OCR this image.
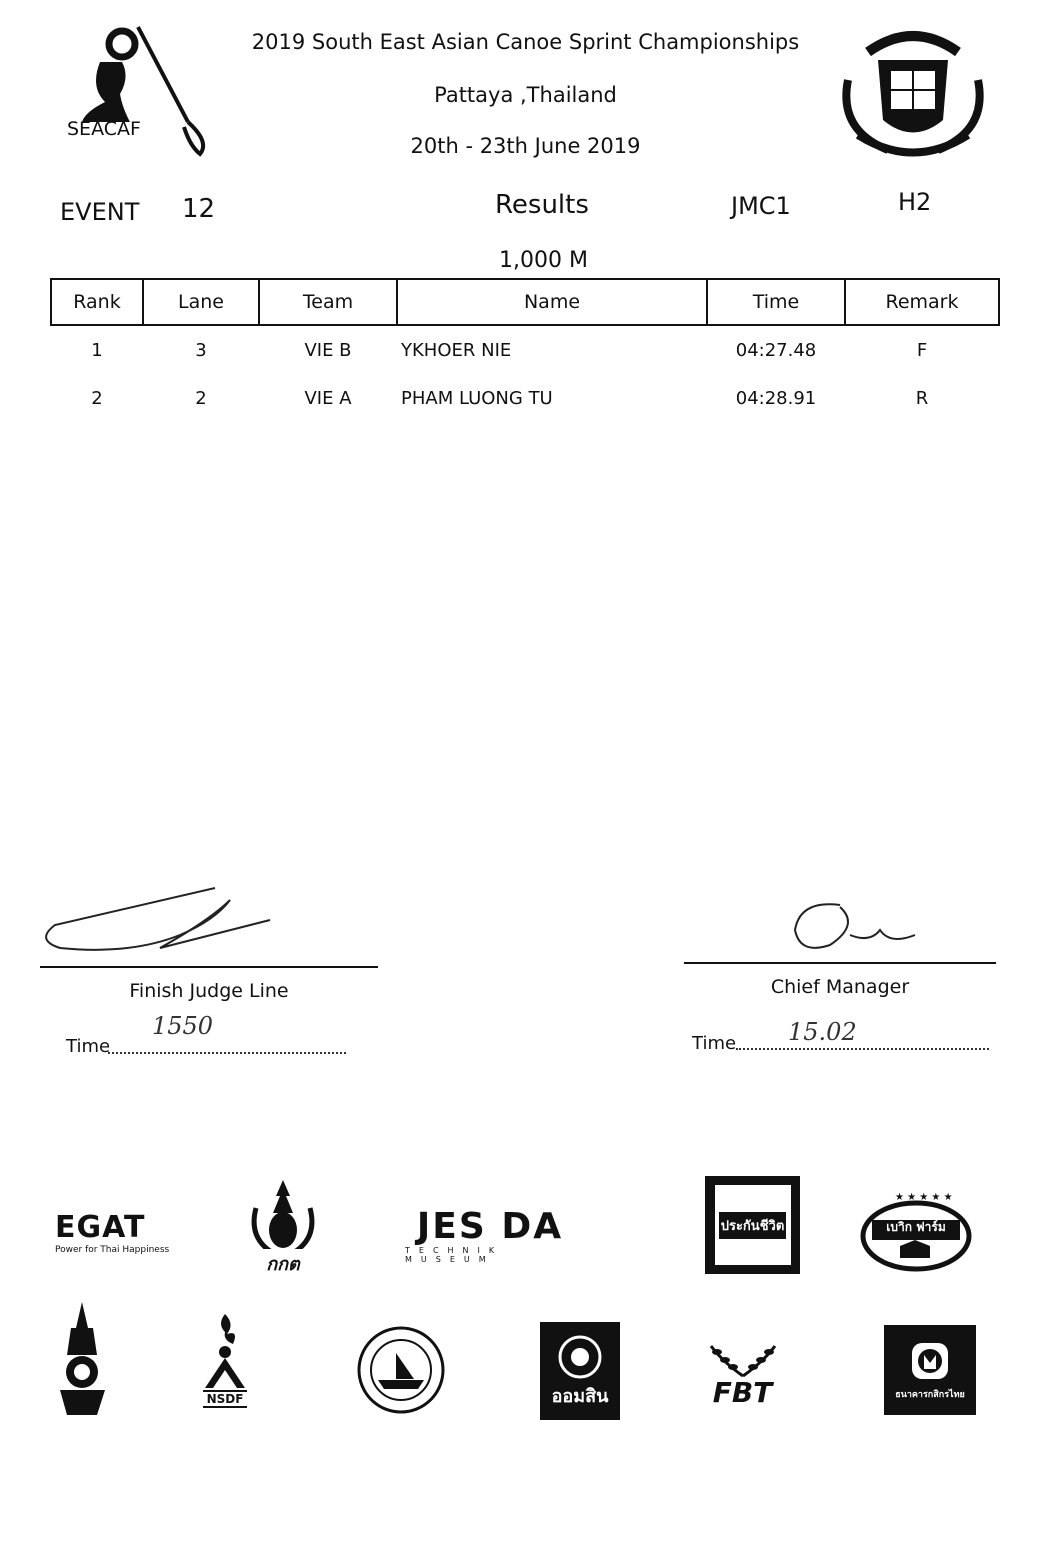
SEACAF
2019 South East Asian Canoe Sprint Championships
Pattaya ,Thailand
20th - 23th June 2019
THAILAND
EVENT 12	Results	JMC1	H2
1,000 M
Rank	Lane	Team	Name	Time	Remark
1	3	VIE B	YKHOER NIE	04:27.48	F
2	2	VIE A	PHAM LUONG TU	04:28.91	R
Finish Judge Line
Time
1550
Chief Manager
Time 15.02
EGAT
Power for Thai Happiness
กกต
JES DA
TECHNIK MUSEUM
ประกันชีวิต
★ ★ ★ ★ ★
เบาิก ฟาร์ม
NSDF	ออมสิน	FBT	ธนาคารกสิกรไทย
